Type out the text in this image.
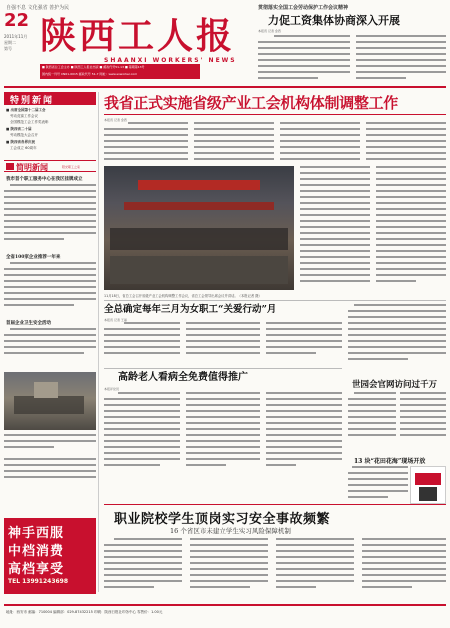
自强不息 文化强省 善护为民
22
2011年11月
星期二
第号 陕西工人报
SHAANXI WORKERS' NEWS
■ 陕西省总工会主办 ■ 陕西工人报社出版 ■ 邮政代号51-13 ■ 第期第13号
国内统一刊号 CN61-0015 邮政代号 51-7 网址：www.sxworker.com
贯彻落实全国工会劳动保护工作会议精神
力促工资集体协商深入开展
本报讯 记者 金西
特别新闻
■ 出席全国第十二届工会
劳动竞赛工作会议
全国模范工会工作奖表彰
■ 陕西省二十届
劳动模范大会召开
■ 陕西省各界庆祝
工会成立 60周年
简明新闻	阳光职工之家
我市首个职工服务中心在我区挂牌成立
全省100家企业推荐一年来
首届企业卫生安全活动
神手西服
中档消费
高档享受
TEL 13991243698
我省正式实施省级产业工会机构体制调整工作
本报讯 记者 金西
11月18日，省总工会召开省级产业工会机构调整工作会议，省总工会领导出席会议并讲话。（本报记者 摄）
全总确定每年三月为女职工“关爱行动”月
本报讯 记者 王丽
高龄老人看病全免费值得推广
本报评论员	世园会官网访问过千万
13 块“花田花海”现场开放
职业院校学生顶岗实习安全事故频繁
16 个省区市未建立学生实习风险保障机制
地址：西安市 邮编：710004 编辑部：029-87432215 印刷：陕西日报社印务中心 零售价：1.00元
